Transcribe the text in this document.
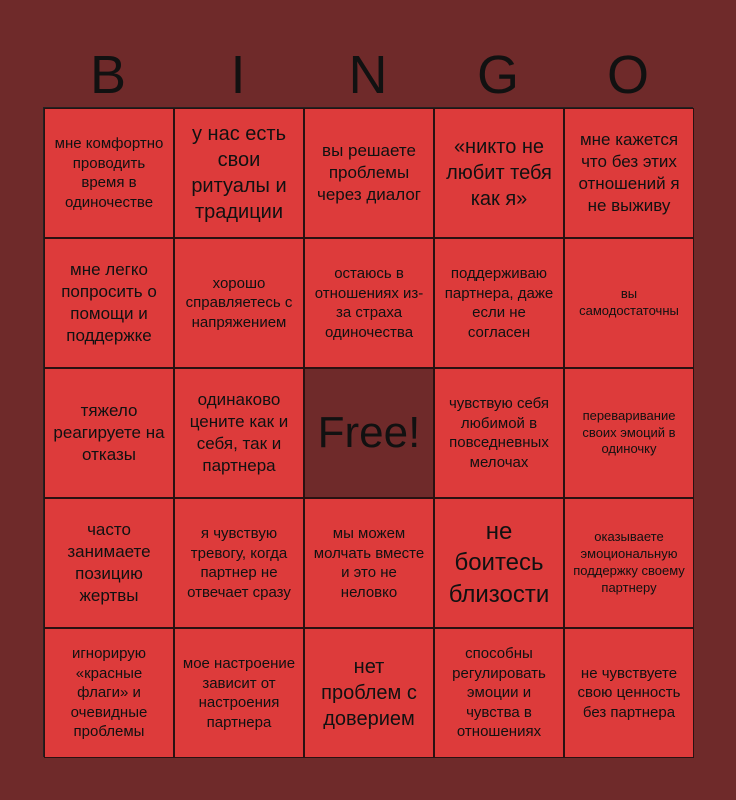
B	I	N	G	O
мне комфортно проводить время в одиночестве
у нас есть свои ритуалы и традиции
вы решаете проблемы через диалог
«никто не любит тебя как я»
мне кажется что без этих отношений я не выживу
мне легко попросить о помощи и поддержке
хорошо справляетесь с напряжением
остаюсь в отношениях из-за страха одиночества
поддерживаю партнера, даже если не согласен
вы самодостаточны
тяжело реагируете на отказы
одинаково цените как и себя, так и партнера
Free!
чувствую себя любимой в повседневных мелочах
переваривание своих эмоций в одиночку
часто занимаете позицию жертвы
я чувствую тревогу, когда партнер не отвечает сразу
мы можем молчать вместе и это не неловко
не боитесь близости
оказываете эмоциональную поддержку своему партнеру
игнорирую «красные флаги» и очевидные проблемы
мое настроение зависит от настроения партнера
нет проблем с доверием
способны регулировать эмоции и чувства в отношениях
не чувствуете свою ценность без партнера
